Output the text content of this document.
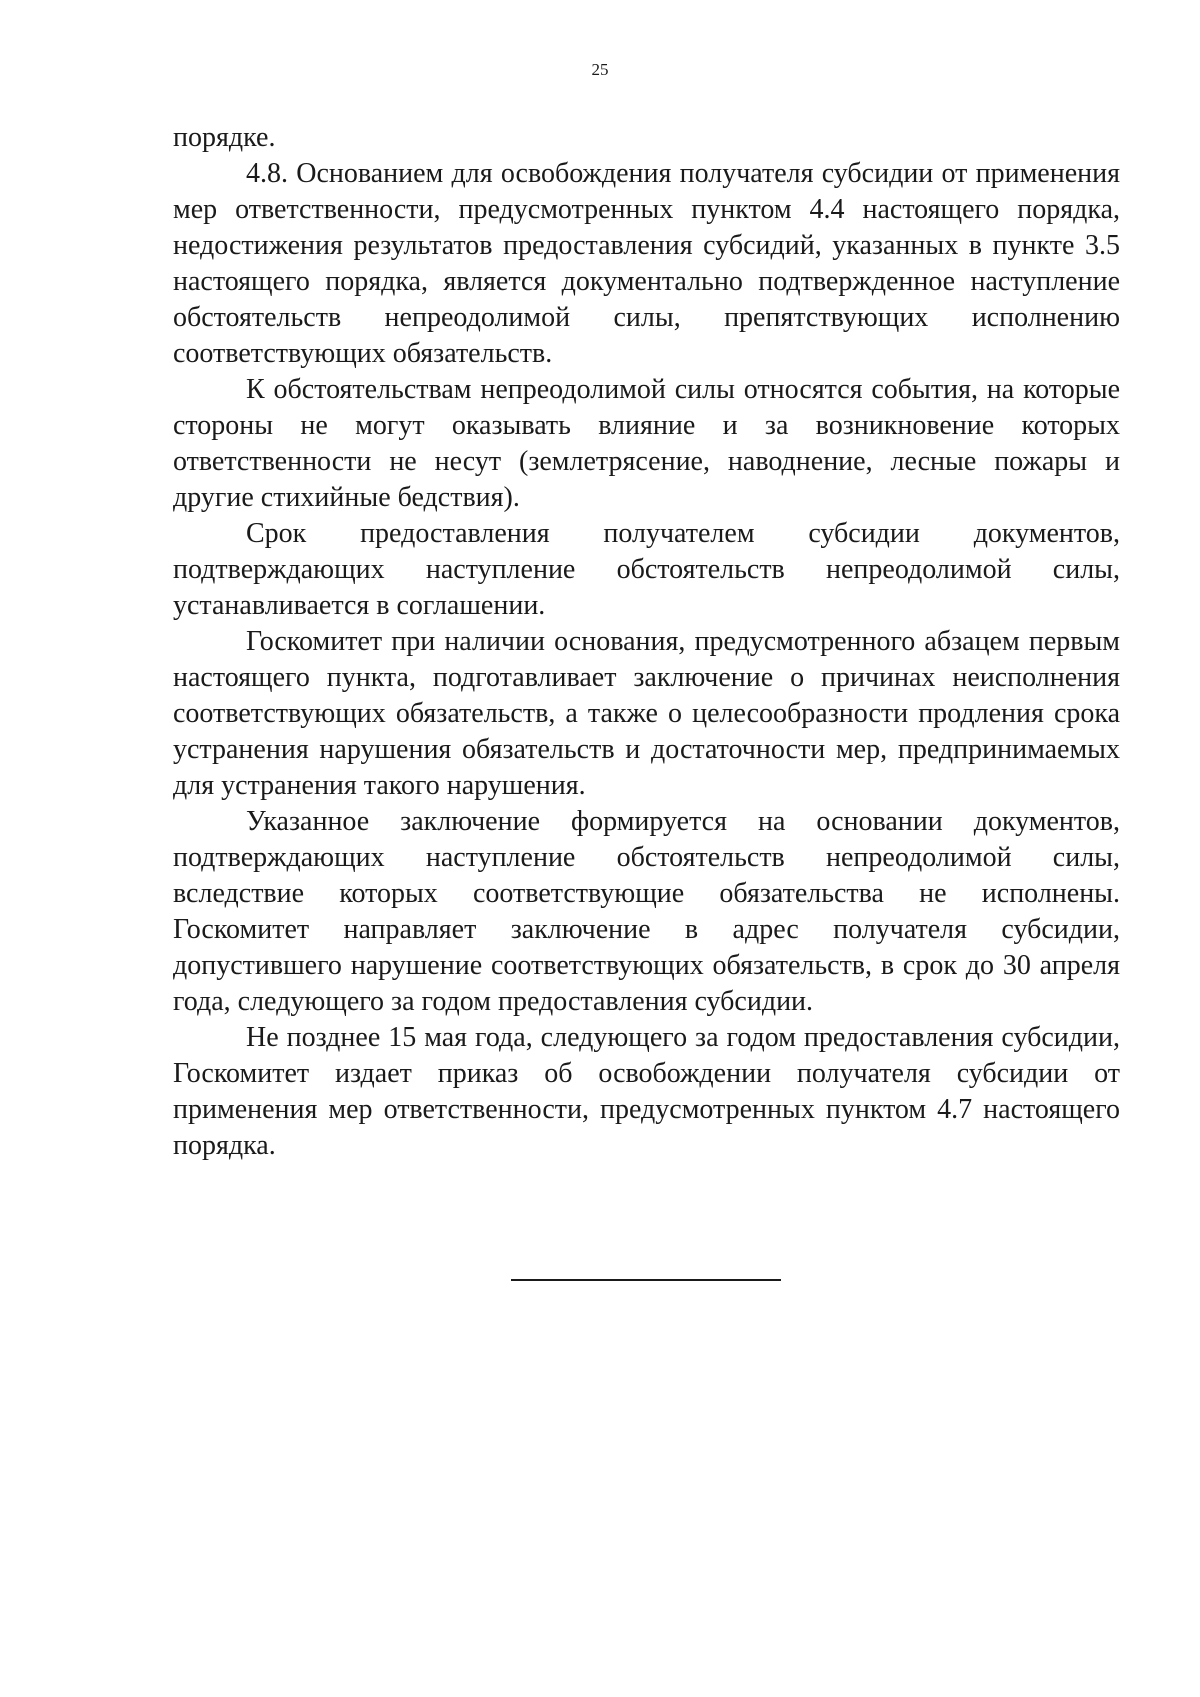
25

порядке.

4.8. Основанием для освобождения получателя субсидии от применения мер ответственности, предусмотренных пунктом 4.4 настоящего порядка, недостижения результатов предоставления субсидий, указанных в пункте 3.5 настоящего порядка, является документально подтвержденное наступление обстоятельств непреодолимой силы, препятствующих исполнению соответствующих обязательств.

К обстоятельствам непреодолимой силы относятся события, на которые стороны не могут оказывать влияние и за возникновение которых ответственности не несут (землетрясение, наводнение, лесные пожары и другие стихийные бедствия).

Срок предоставления получателем субсидии документов, подтверждающих наступление обстоятельств непреодолимой силы, устанавливается в соглашении.

Госкомитет при наличии основания, предусмотренного абзацем первым настоящего пункта, подготавливает заключение о причинах неисполнения соответствующих обязательств, а также о целесообразности продления срока устранения нарушения обязательств и достаточности мер, предпринимаемых для устранения такого нарушения.

Указанное заключение формируется на основании документов, подтверждающих наступление обстоятельств непреодолимой силы, вследствие которых соответствующие обязательства не исполнены. Госкомитет направляет заключение в адрес получателя субсидии, допустившего нарушение соответствующих обязательств, в срок до 30 апреля года, следующего за годом предоставления субсидии.

Не позднее 15 мая года, следующего за годом предоставления субсидии, Госкомитет издает приказ об освобождении получателя субсидии от применения мер ответственности, предусмотренных пунктом 4.7 настоящего порядка.
